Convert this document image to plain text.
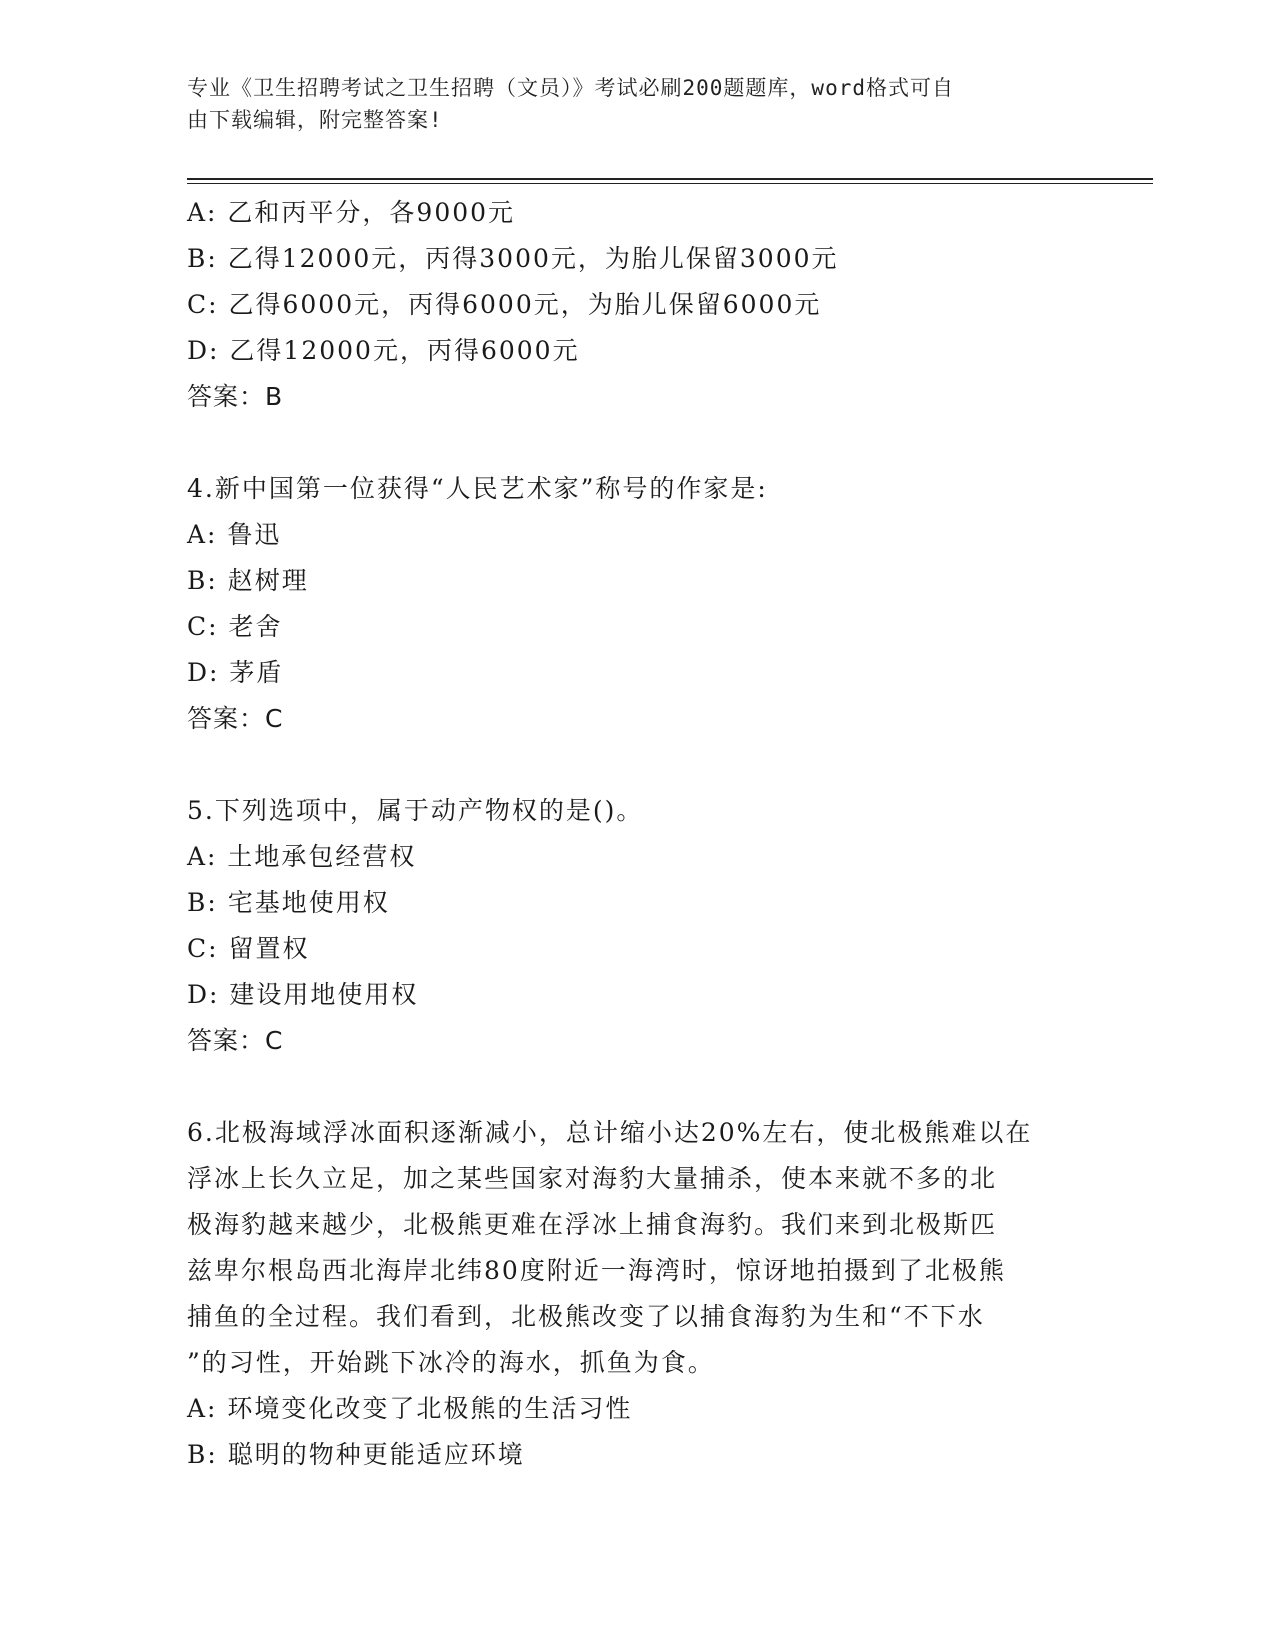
专业《卫生招聘考试之卫生招聘（文员）》考试必刷200题题库，word格式可自
由下载编辑，附完整答案!
A: 乙和丙平分，各9000元
B: 乙得12000元，丙得3000元，为胎儿保留3000元
C: 乙得6000元，丙得6000元，为胎儿保留6000元
D: 乙得12000元，丙得6000元
答案：B
4.新中国第一位获得“人民艺术家”称号的作家是:
A: 鲁迅
B: 赵树理
C: 老舍
D: 茅盾
答案：C
5.下列选项中，属于动产物权的是()。
A: 土地承包经营权
B: 宅基地使用权
C: 留置权
D: 建设用地使用权
答案：C
6.北极海域浮冰面积逐渐减小，总计缩小达20%左右，使北极熊难以在
浮冰上长久立足，加之某些国家对海豹大量捕杀，使本来就不多的北
极海豹越来越少，北极熊更难在浮冰上捕食海豹。我们来到北极斯匹
兹卑尔根岛西北海岸北纬80度附近一海湾时，惊讶地拍摄到了北极熊
捕鱼的全过程。我们看到，北极熊改变了以捕食海豹为生和“不下水
”的习性，开始跳下冰冷的海水，抓鱼为食。
A: 环境变化改变了北极熊的生活习性
B: 聪明的物种更能适应环境
